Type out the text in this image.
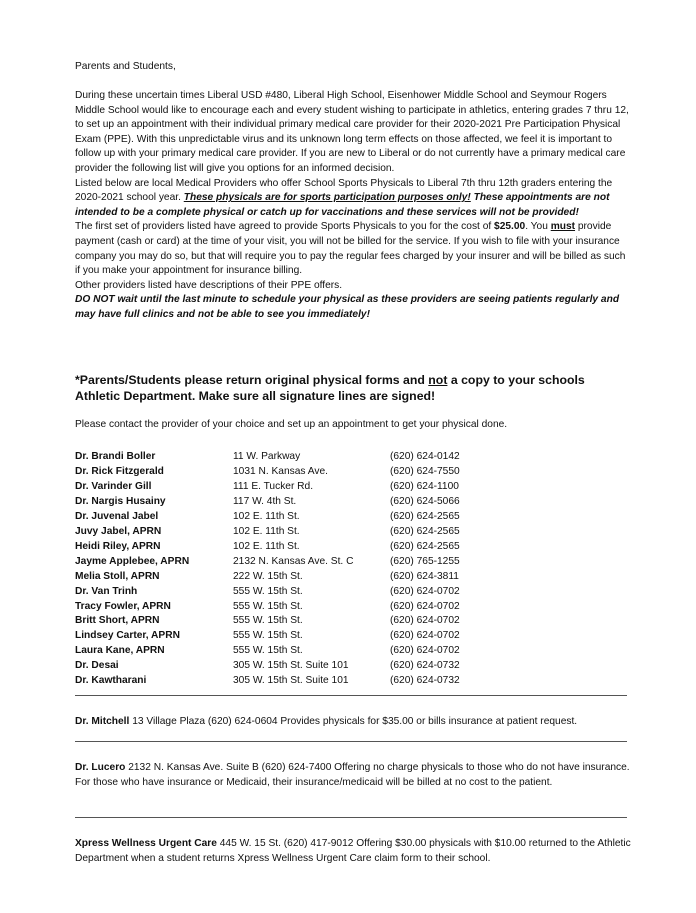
Parents and Students,
During these uncertain times Liberal USD #480, Liberal High School, Eisenhower Middle School and Seymour Rogers Middle School would like to encourage each and every student wishing to participate in athletics, entering grades 7 thru 12, to set up an appointment with their individual primary medical care provider for their 2020-2021 Pre Participation Physical Exam (PPE). With this unpredictable virus and its unknown long term effects on those affected, we feel it is important to follow up with your primary medical care provider. If you are new to Liberal or do not currently have a primary medical care provider the following list will give you options for an informed decision.
Listed below are local Medical Providers who offer School Sports Physicals to Liberal 7th thru 12th graders entering the 2020-2021 school year. These physicals are for sports participation purposes only! These appointments are not intended to be a complete physical or catch up for vaccinations and these services will not be provided!
The first set of providers listed have agreed to provide Sports Physicals to you for the cost of $25.00. You must provide payment (cash or card) at the time of your visit, you will not be billed for the service. If you wish to file with your insurance company you may do so, but that will require you to pay the regular fees charged by your insurer and will be billed as such if you make your appointment for insurance billing.
Other providers listed have descriptions of their PPE offers.
DO NOT wait until the last minute to schedule your physical as these providers are seeing patients regularly and may have full clinics and not be able to see you immediately!
*Parents/Students please return original physical forms and not a copy to your schools Athletic Department. Make sure all signature lines are signed!
Please contact the provider of your choice and set up an appointment to get your physical done.
Dr. Brandi Boller	11 W. Parkway	(620) 624-0142
Dr. Rick Fitzgerald	1031 N. Kansas Ave.	(620) 624-7550
Dr. Varinder Gill	111 E. Tucker Rd.	(620) 624-1100
Dr. Nargis Husainy	117 W. 4th St.	(620) 624-5066
Dr. Juvenal Jabel	102 E. 11th St.	(620) 624-2565
Juvy Jabel, APRN	102 E. 11th St.	(620) 624-2565
Heidi Riley, APRN	102 E. 11th St.	(620) 624-2565
Jayme Applebee, APRN	2132 N. Kansas Ave. St. C	(620) 765-1255
Melia Stoll, APRN	222 W. 15th St.	(620) 624-3811
Dr. Van Trinh	555 W. 15th St.	(620) 624-0702
Tracy Fowler, APRN	555 W. 15th St.	(620) 624-0702
Britt Short, APRN	555 W. 15th St.	(620) 624-0702
Lindsey Carter, APRN	555 W. 15th St.	(620) 624-0702
Laura Kane, APRN	555 W. 15th St.	(620) 624-0702
Dr. Desai	305 W. 15th St. Suite 101	(620) 624-0732
Dr. Kawtharani	305 W. 15th St. Suite 101	(620) 624-0732
Dr. Mitchell 13 Village Plaza (620) 624-0604 Provides physicals for $35.00 or bills insurance at patient request.
Dr. Lucero 2132 N. Kansas Ave. Suite B (620) 624-7400 Offering no charge physicals to those who do not have insurance. For those who have insurance or Medicaid, their insurance/medicaid will be billed at no cost to the patient.
Xpress Wellness Urgent Care 445 W. 15 St. (620) 417-9012 Offering $30.00 physicals with $10.00 returned to the Athletic Department when a student returns Xpress Wellness Urgent Care claim form to their school.
